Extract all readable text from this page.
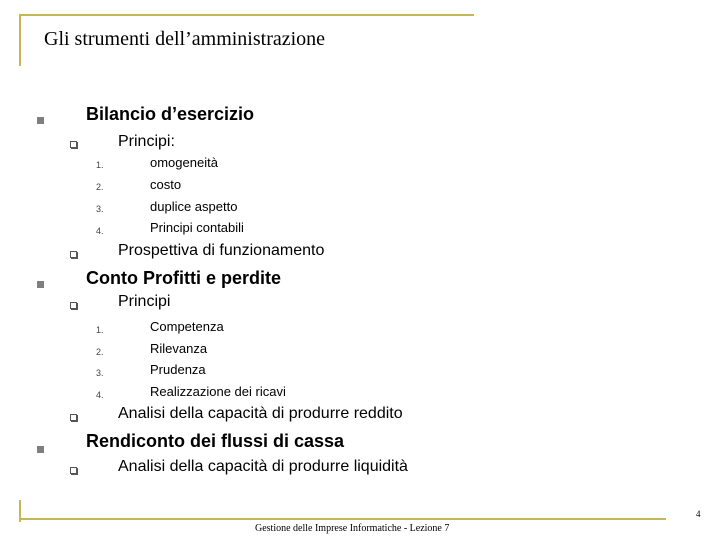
Gli strumenti dell’amministrazione
Bilancio d’esercizio
Principi:
1.	omogeneità
2.	costo
3.	duplice aspetto
4.	Principi contabili
Prospettiva di funzionamento
Conto Profitti e perdite
Principi
1.	Competenza
2.	Rilevanza
3.	Prudenza
4.	Realizzazione dei ricavi
Analisi della capacità di produrre reddito
Rendiconto dei flussi di cassa
Analisi della capacità di produrre liquidità
Gestione delle Imprese Informatiche - Lezione 7
4
